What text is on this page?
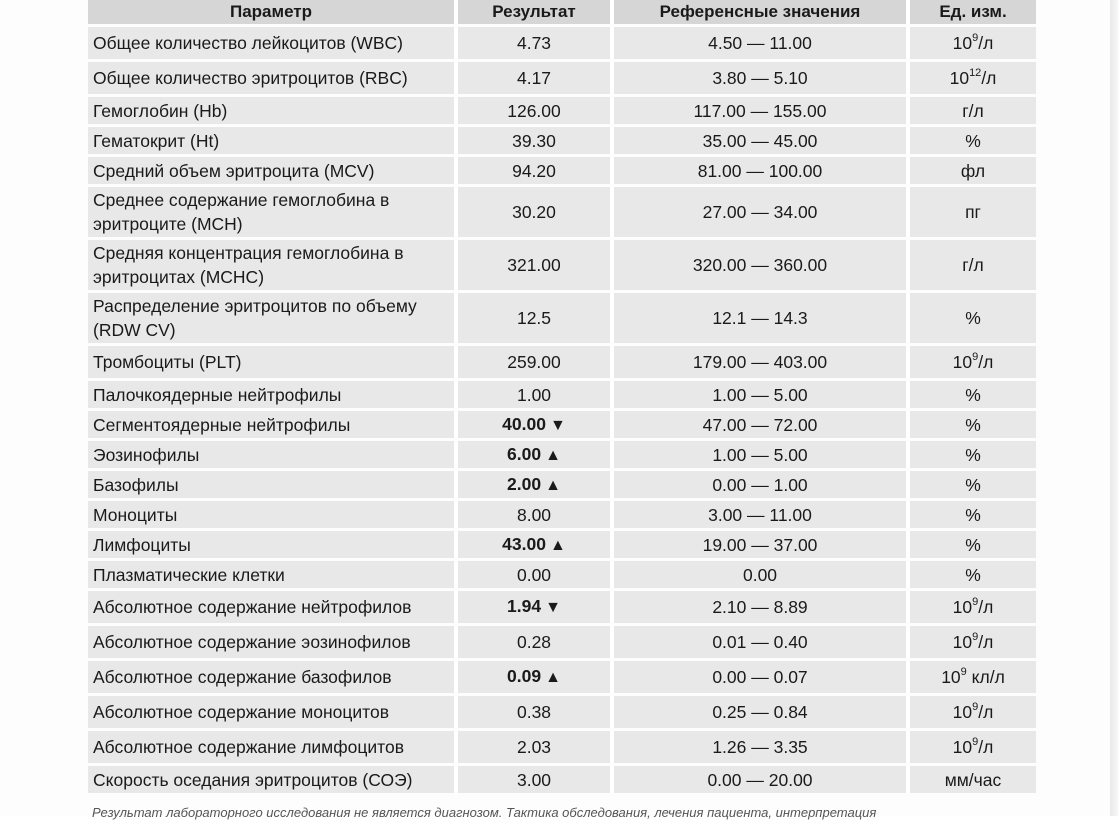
Параметр	Результат	Референсные значения	Ед. изм.
Общее количество лейкоцитов (WBC)	4.73	4.50 — 11.00	$10^9/л$
Общее количество эритроцитов (RBC)	4.17	3.80 — 5.10	$10^{12}/л$
Гемоглобин (Hb)	126.00	117.00 — 155.00	г/л
Гематокрит (Ht)	39.30	35.00 — 45.00	%
Средний объем эритроцита (MCV)	94.20	81.00 — 100.00	фл
Среднее содержание гемоглобина в эритроците (MCH)	30.20	27.00 — 34.00	пг
Средняя концентрация гемоглобина в эритроцитах (MCHC)	321.00	320.00 — 360.00	г/л
Распределение эритроцитов по объему (RDW CV)	12.5	12.1 — 14.3	%
Тромбоциты (PLT)	259.00	179.00 — 403.00	$10^9/л$
Палочкоядерные нейтрофилы	1.00	1.00 — 5.00	%
Сегментоядерные нейтрофилы	40.00 ▼	47.00 — 72.00	%
Эозинофилы	6.00 ▲	1.00 — 5.00	%
Базофилы	2.00 ▲	0.00 — 1.00	%
Моноциты	8.00	3.00 — 11.00	%
Лимфоциты	43.00 ▲	19.00 — 37.00	%
Плазматические клетки	0.00	0.00	%
Абсолютное содержание нейтрофилов	1.94 ▼	2.10 — 8.89	$10^9/л$
Абсолютное содержание эозинофилов	0.28	0.01 — 0.40	$10^9/л$
Абсолютное содержание базофилов	0.09 ▲	0.00 — 0.07	$10^9$ кл/л
Абсолютное содержание моноцитов	0.38	0.25 — 0.84	$10^9/л$
Абсолютное содержание лимфоцитов	2.03	1.26 — 3.35	$10^9/л$
Скорость оседания эритроцитов (СОЭ)	3.00	0.00 — 20.00	мм/час
Результат лабораторного исследования не является диагнозом. Тактика обследования, лечения пациента, интерпретация
